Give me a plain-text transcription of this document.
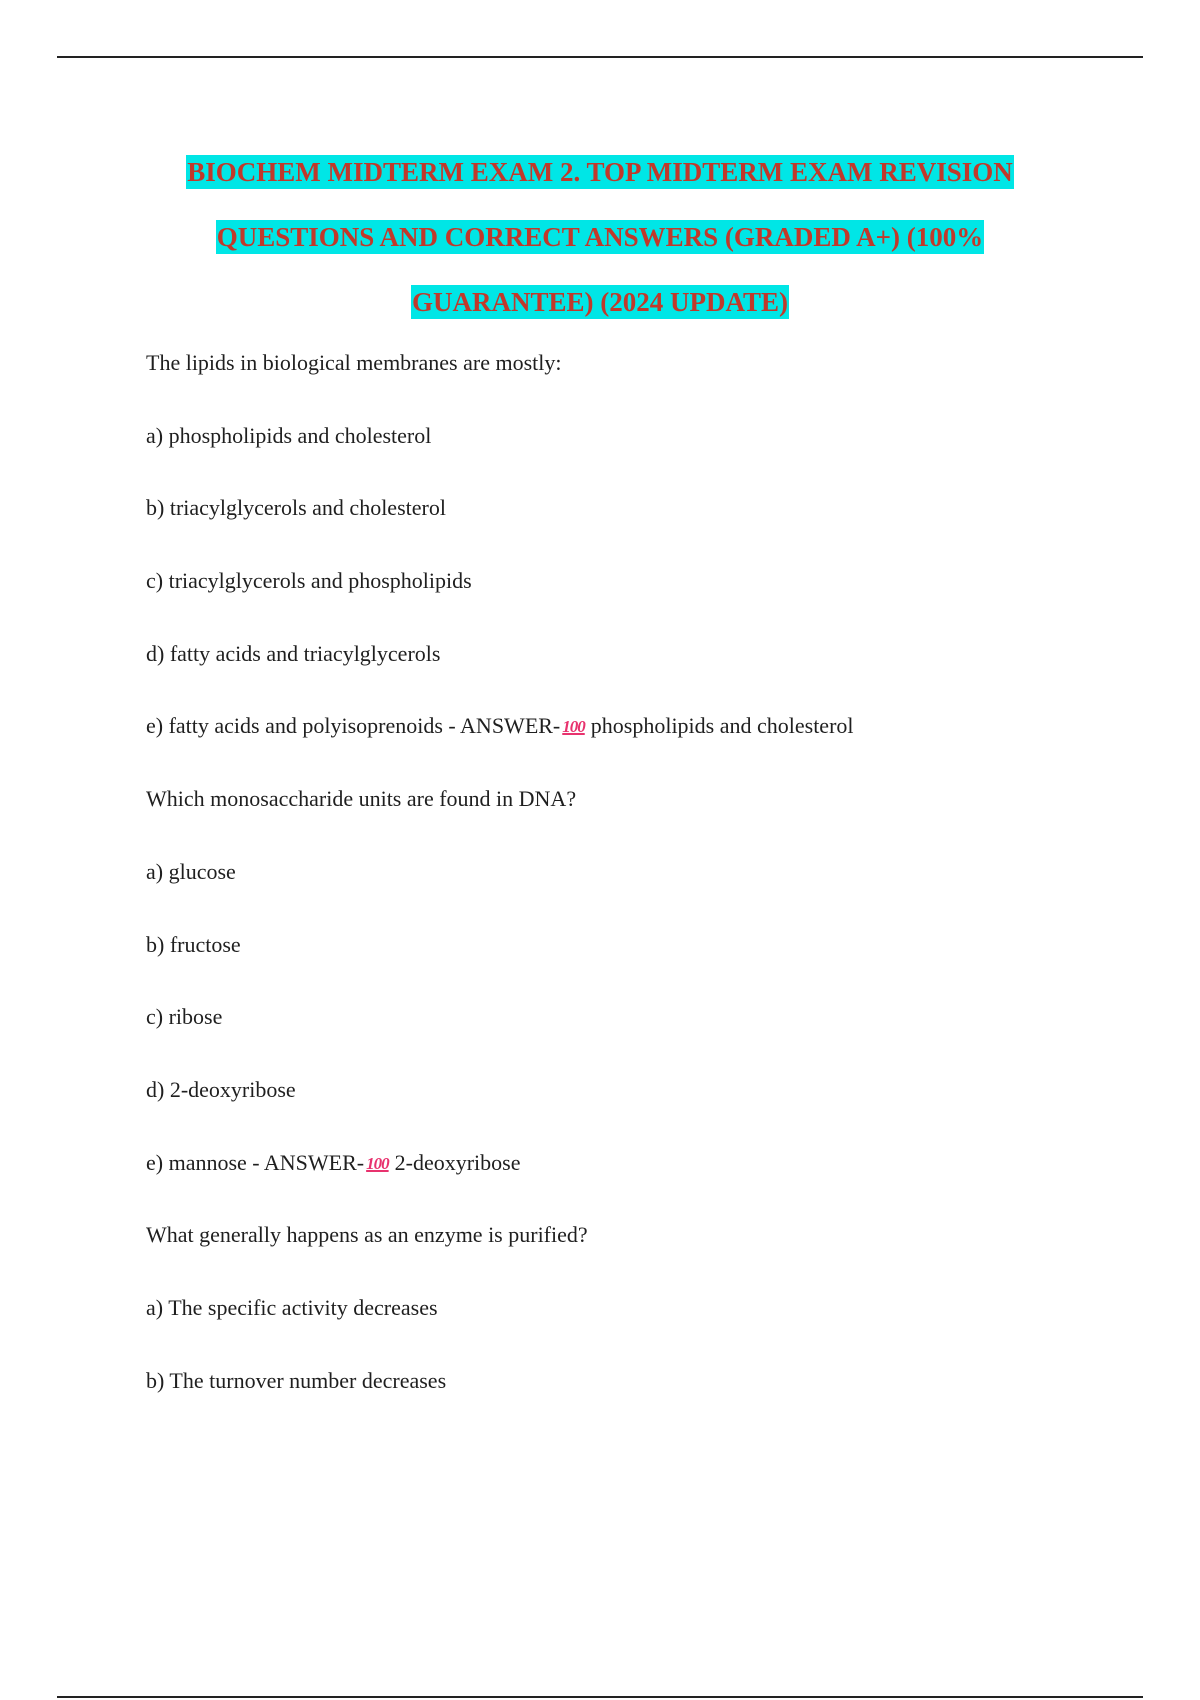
BIOCHEM MIDTERM EXAM 2. TOP MIDTERM EXAM REVISION
QUESTIONS AND CORRECT ANSWERS (GRADED A+) (100%
GUARANTEE) (2024 UPDATE)

The lipids in biological membranes are mostly:

a) phospholipids and cholesterol

b) triacylglycerols and cholesterol

c) triacylglycerols and phospholipids

d) fatty acids and triacylglycerols

e) fatty acids and polyisoprenoids - ANSWER- 100 phospholipids and cholesterol

Which monosaccharide units are found in DNA?

a) glucose

b) fructose

c) ribose

d) 2-deoxyribose

e) mannose - ANSWER- 100 2-deoxyribose

What generally happens as an enzyme is purified?

a) The specific activity decreases

b) The turnover number decreases
